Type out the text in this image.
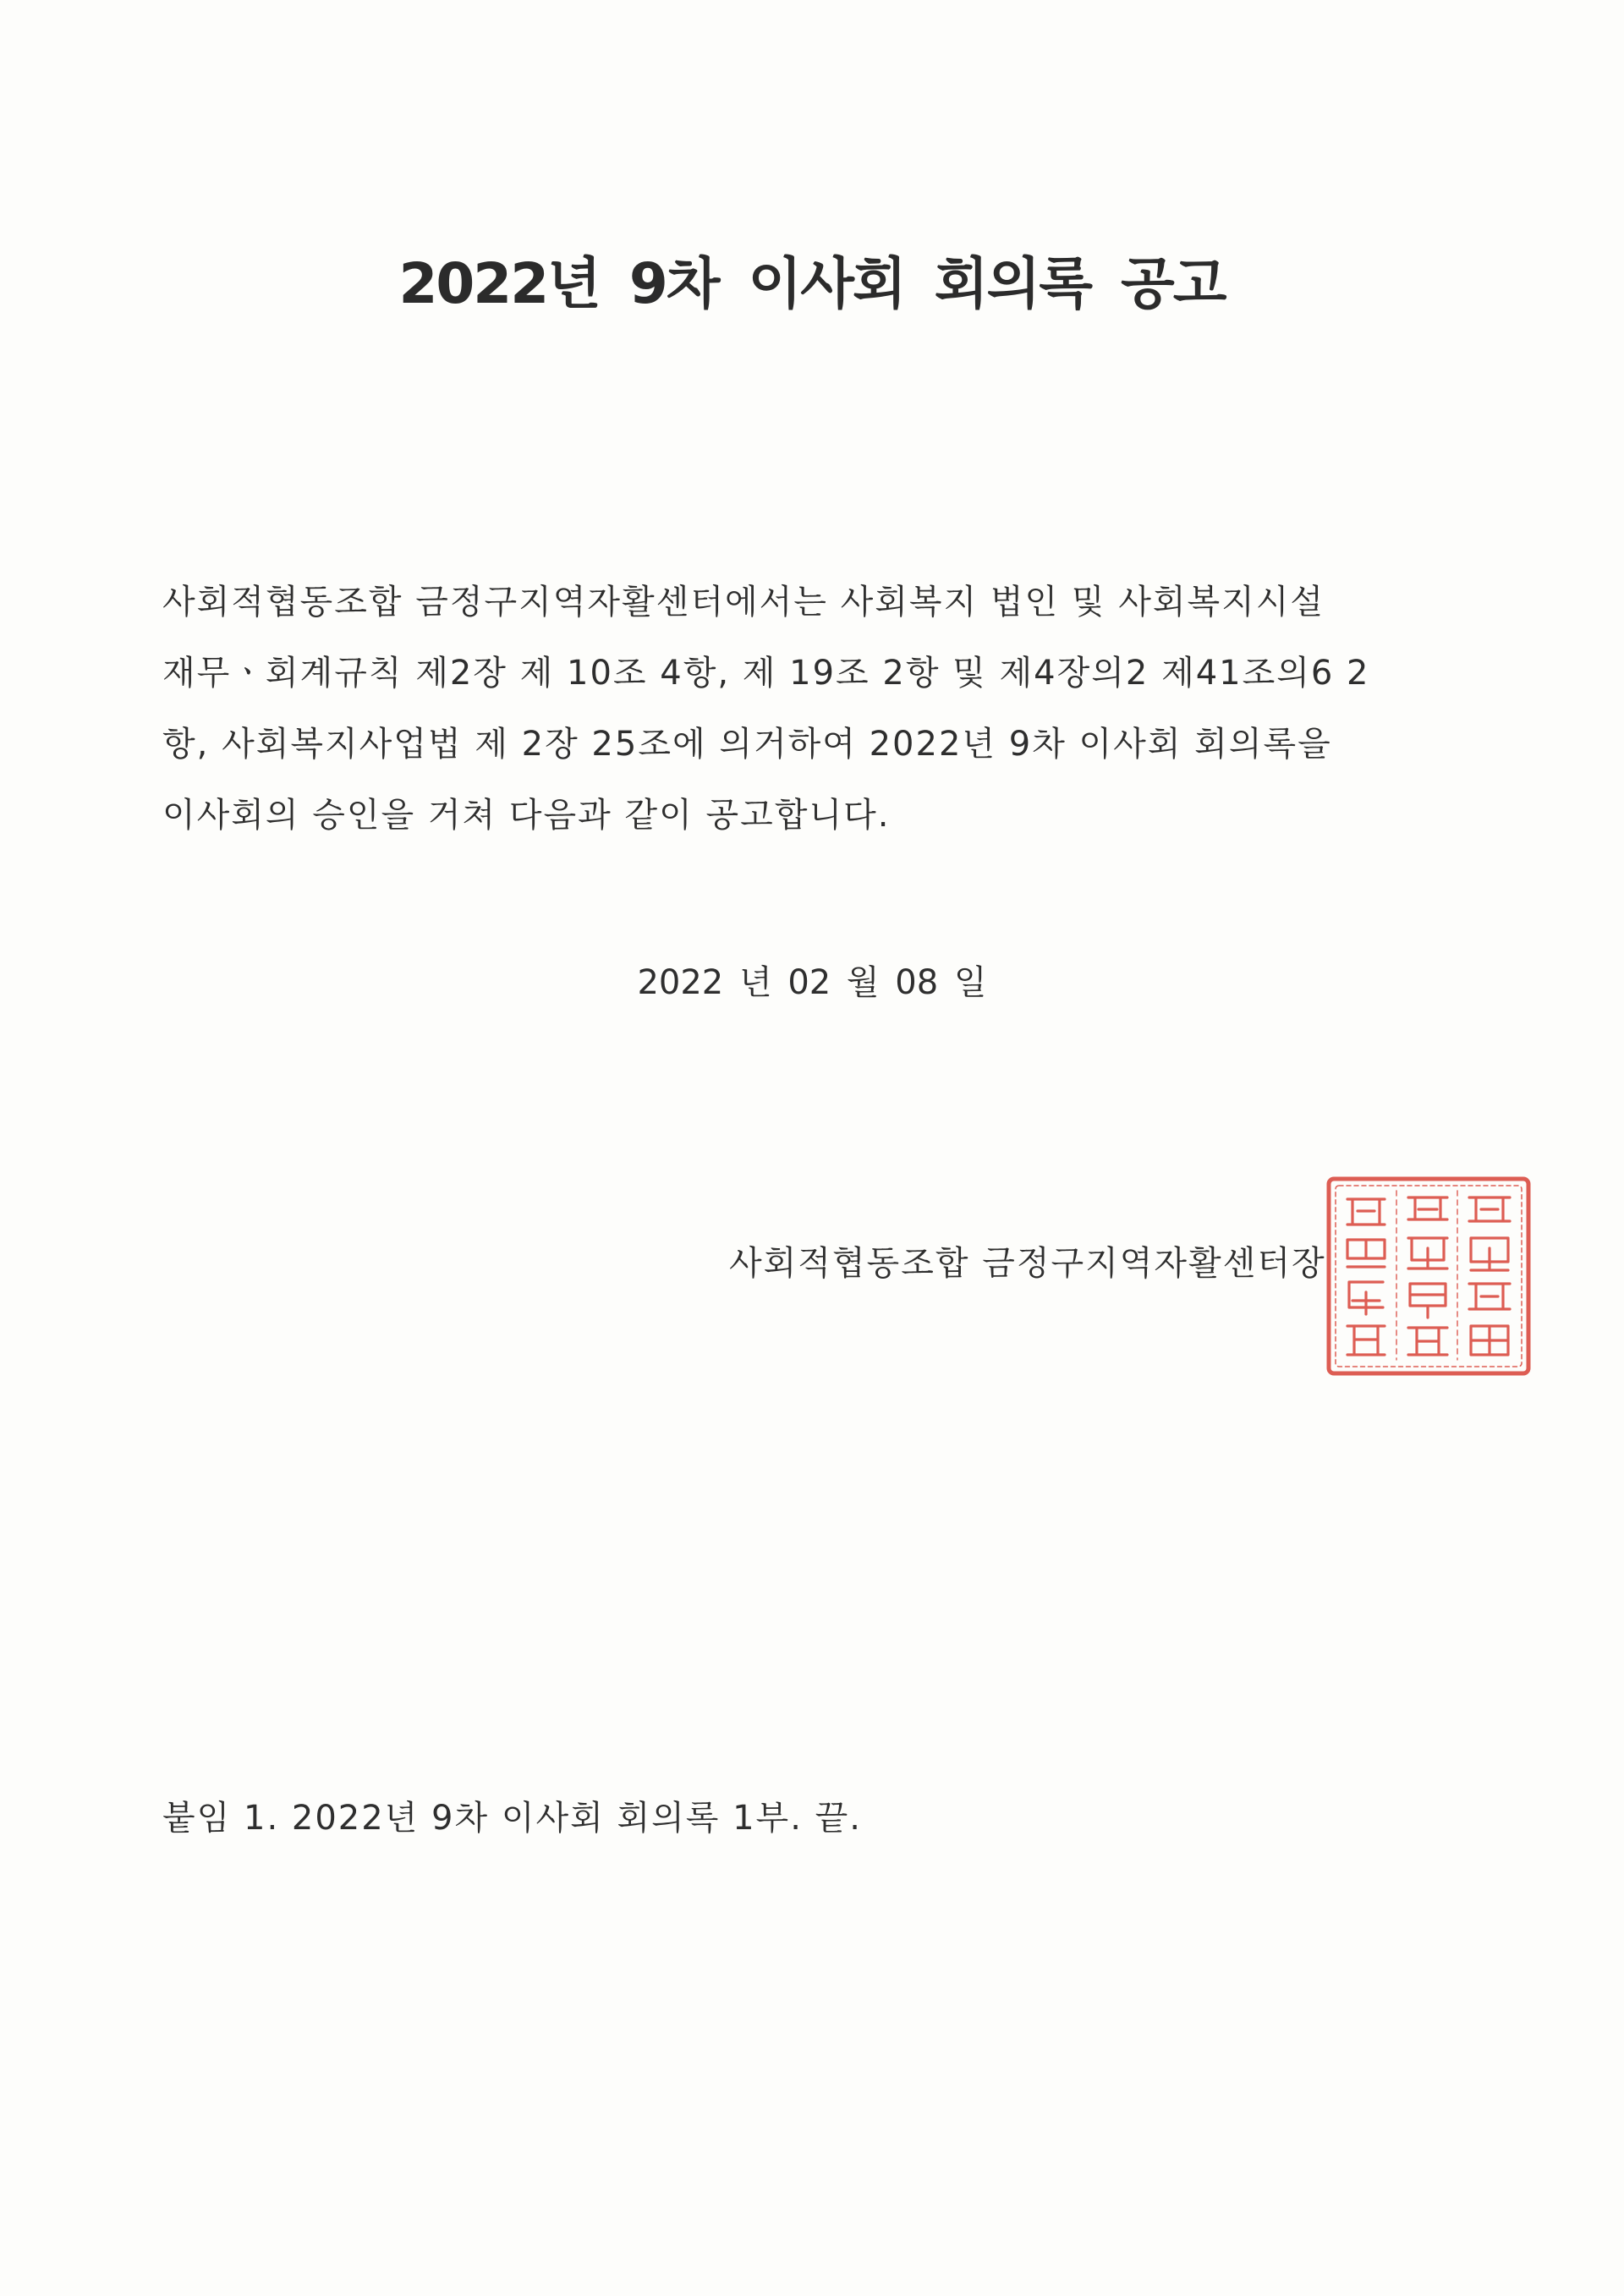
2022년 9차 이사회 회의록 공고

사회적협동조합 금정구지역자활센터에서는 사회복지 법인 및 사회복지시설

재무ㆍ회계규칙 제2장 제 10조 4항, 제 19조 2항 및 제4장의2 제41조의6 2

항, 사회복지사업법 제 2장 25조에 의거하여 2022년 9차 이사회 회의록을

이사회의 승인을 거쳐 다음과 같이 공고합니다.

2022 년 02 월 08 일
사회적협동조합 금정구지역자활센터장
붙임 1. 2022년 9차 이사회 회의록 1부. 끝.
